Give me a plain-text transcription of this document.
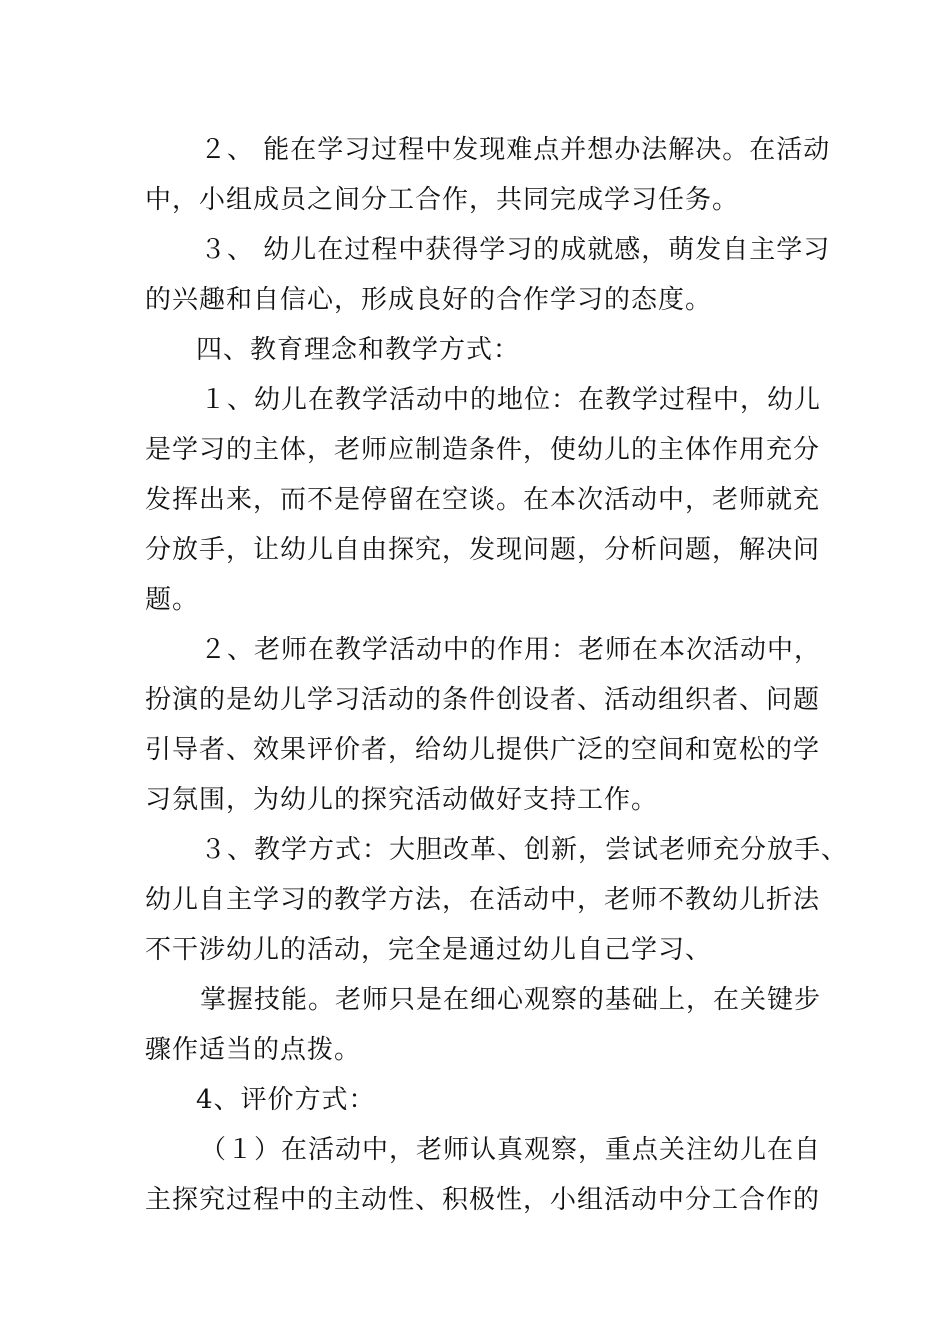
２、 能在学习过程中发现难点并想办法解决。在活动
中，小组成员之间分工合作，共同完成学习任务。
３、 幼儿在过程中获得学习的成就感，萌发自主学习
的兴趣和自信心，形成良好的合作学习的态度。
四、教育理念和教学方式：
１、幼儿在教学活动中的地位：在教学过程中，幼儿
是学习的主体，老师应制造条件，使幼儿的主体作用充分
发挥出来，而不是停留在空谈。在本次活动中，老师就充
分放手，让幼儿自由探究，发现问题，分析问题，解决问
题。
２、老师在教学活动中的作用：老师在本次活动中，
扮演的是幼儿学习活动的条件创设者、活动组织者、问题
引导者、效果评价者，给幼儿提供广泛的空间和宽松的学
习氛围，为幼儿的探究活动做好支持工作。
３、教学方式：大胆改革、创新，尝试老师充分放手、
幼儿自主学习的教学方法，在活动中，老师不教幼儿折法
不干涉幼儿的活动，完全是通过幼儿自己学习、
掌握技能。老师只是在细心观察的基础上，在关键步
骤作适当的点拨。
4、评价方式：
（１）在活动中，老师认真观察，重点关注幼儿在自
主探究过程中的主动性、积极性，小组活动中分工合作的
